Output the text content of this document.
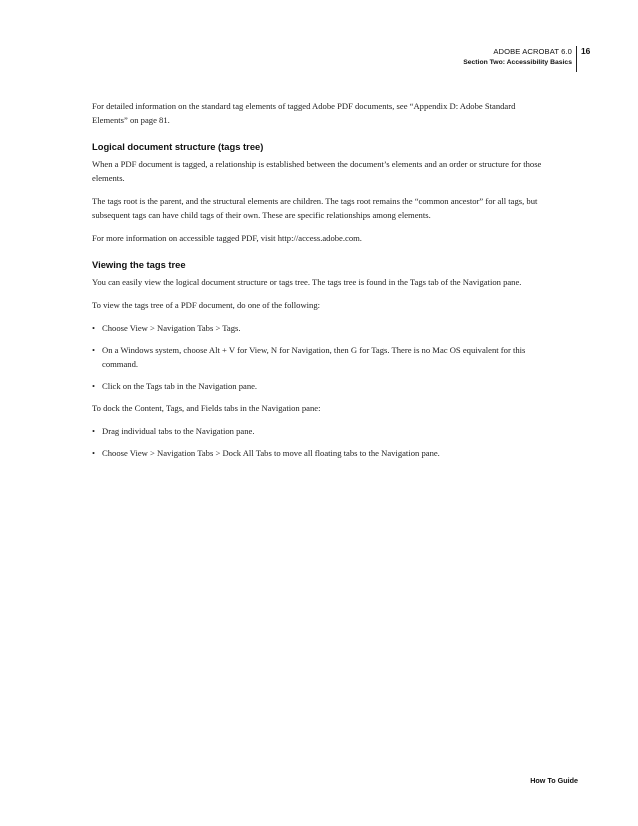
ADOBE ACROBAT 6.0
Section Two: Accessibility Basics
16

For detailed information on the standard tag elements of tagged Adobe PDF documents, see “Appendix D: Adobe Standard Elements” on page 81.

Logical document structure (tags tree)

When a PDF document is tagged, a relationship is established between the document’s elements and an order or structure for those elements.

The tags root is the parent, and the structural elements are children. The tags root remains the “common ancestor” for all tags, but subsequent tags can have child tags of their own. These are specific relationships among elements.

For more information on accessible tagged PDF, visit http://access.adobe.com.

Viewing the tags tree

You can easily view the logical document structure or tags tree. The tags tree is found in the Tags tab of the Navigation pane.

To view the tags tree of a PDF document, do one of the following:

• Choose View > Navigation Tabs > Tags.
• On a Windows system, choose Alt + V for View, N for Navigation, then G for Tags. There is no Mac OS equivalent for this command.
• Click on the Tags tab in the Navigation pane.

To dock the Content, Tags, and Fields tabs in the Navigation pane:

• Drag individual tabs to the Navigation pane.
• Choose View > Navigation Tabs > Dock All Tabs to move all floating tabs to the Navigation pane.
How To Guide
